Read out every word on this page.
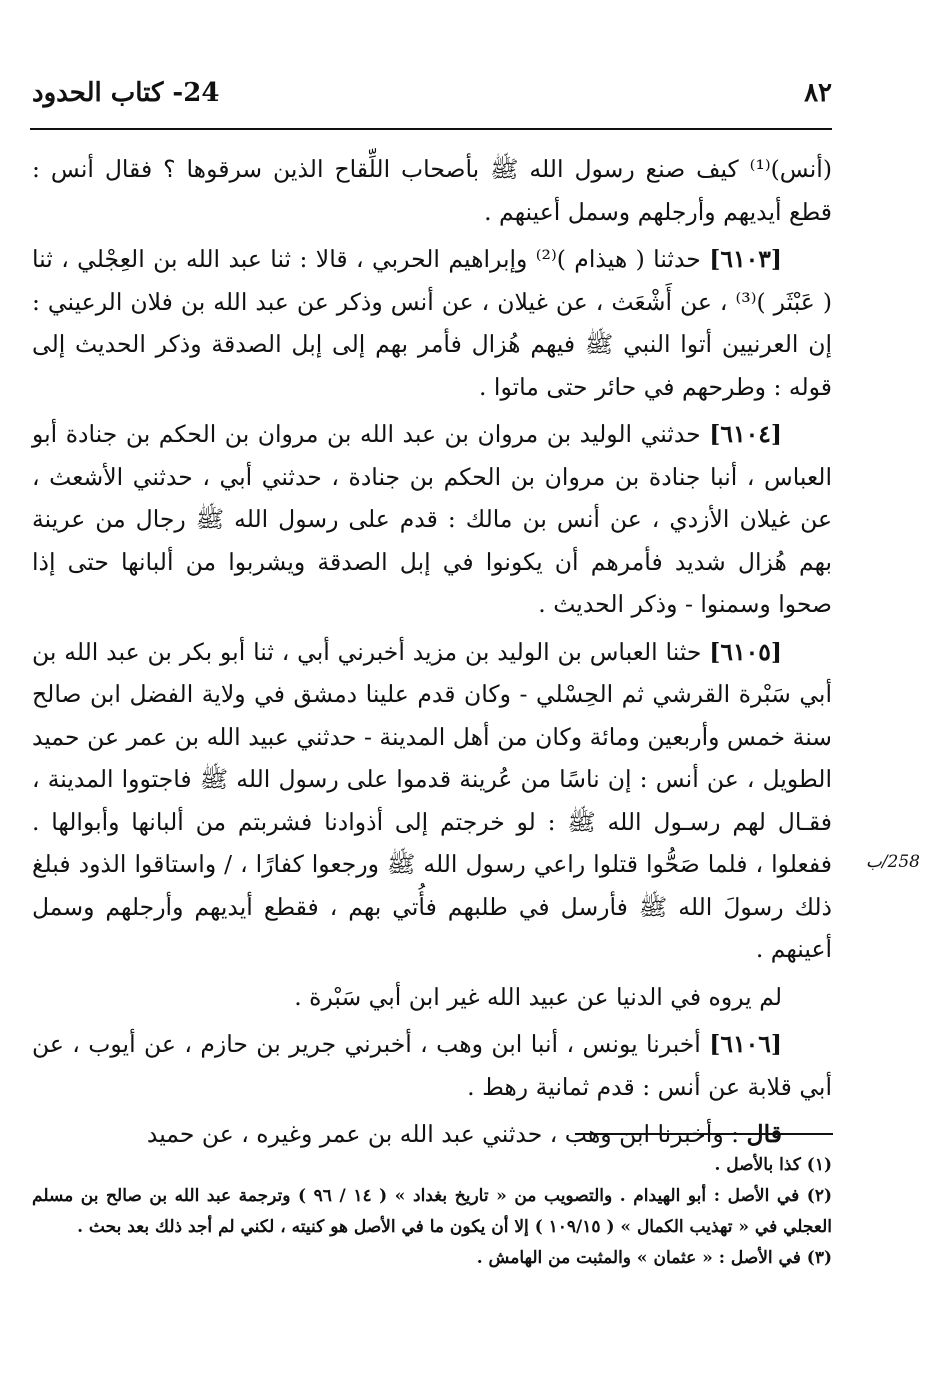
٨٢
24- كتاب الحدود

(أنس)⁽¹⁾ كيف صنع رسول الله ﷺ بأصحاب اللِّقاح الذين سرقوها ؟ فقال أنس : قطع أيديهم وأرجلهم وسمل أعينهم .

[٦١٠٣] حدثنا ( هيذام )⁽²⁾ وإبراهيم الحربي ، قالا : ثنا عبد الله بن العِجْلي ، ثنا ( عَبْثَر )⁽³⁾ ، عن أَشْعَث ، عن غيلان ، عن أنس وذكر عن عبد الله بن فلان الرعيني : إن العرنيين أتوا النبي ﷺ فيهم هُزال فأمر بهم إلى إبل الصدقة وذكر الحديث إلى قوله : وطرحهم في حائر حتى ماتوا .

[٦١٠٤] حدثني الوليد بن مروان بن عبد الله بن مروان بن الحكم بن جنادة أبو العباس ، أنبا جنادة بن مروان بن الحكم بن جنادة ، حدثني أبي ، حدثني الأشعث ، عن غيلان الأزدي ، عن أنس بن مالك : قدم على رسول الله ﷺ رجال من عرينة بهم هُزال شديد فأمرهم أن يكونوا في إبل الصدقة ويشربوا من ألبانها حتى إذا صحوا وسمنوا - وذكر الحديث .

[٦١٠٥] حثنا العباس بن الوليد بن مزيد أخبرني أبي ، ثنا أبو بكر بن عبد الله بن أبي سَبْرة القرشي ثم الحِسْلي - وكان قدم علينا دمشق في ولاية الفضل ابن صالح سنة خمس وأربعين ومائة وكان من أهل المدينة - حدثني عبيد الله بن عمر عن حميد الطويل ، عن أنس : إن ناسًا من عُرينة قدموا على رسول الله ﷺ فاجتووا المدينة ، فقـال لهم رسـول الله ﷺ : لو خرجتم إلى أذوادنا فشربتم من ألبانها وأبوالها . ففعلوا ، فلما صَحُّوا قتلوا راعي رسول الله ﷺ ورجعوا كفارًا ، / واستاقوا الذود فبلغ ذلك رسولَ الله ﷺ فأرسل في طلبهم فأُتي بهم ، فقطع أيديهم وأرجلهم وسمل أعينهم .

لم يروه في الدنيا عن عبيد الله غير ابن أبي سَبْرة .

[٦١٠٦] أخبرنا يونس ، أنبا ابن وهب ، أخبرني جرير بن حازم ، عن أيوب ، عن أبي قلابة عن أنس : قدم ثمانية رهط .

قال : وأخبرنا ابن وهب ، حدثني عبد الله بن عمر وغيره ، عن حميد

258/ب

(١) كذا بالأصل .

(٢) في الأصل : أبو الهيدام . والتصويب من « تاريخ بغداد » ( ١٤ / ٩٦ ) وترجمة عبد الله بن صالح بن مسلم العجلي في « تهذيب الكمال » ( ١٠٩/١٥ ) إلا أن يكون ما في الأصل هو كنيته ، لكني لم أجد ذلك بعد بحث .

(٣) في الأصل : « عثمان » والمثبت من الهامش .
